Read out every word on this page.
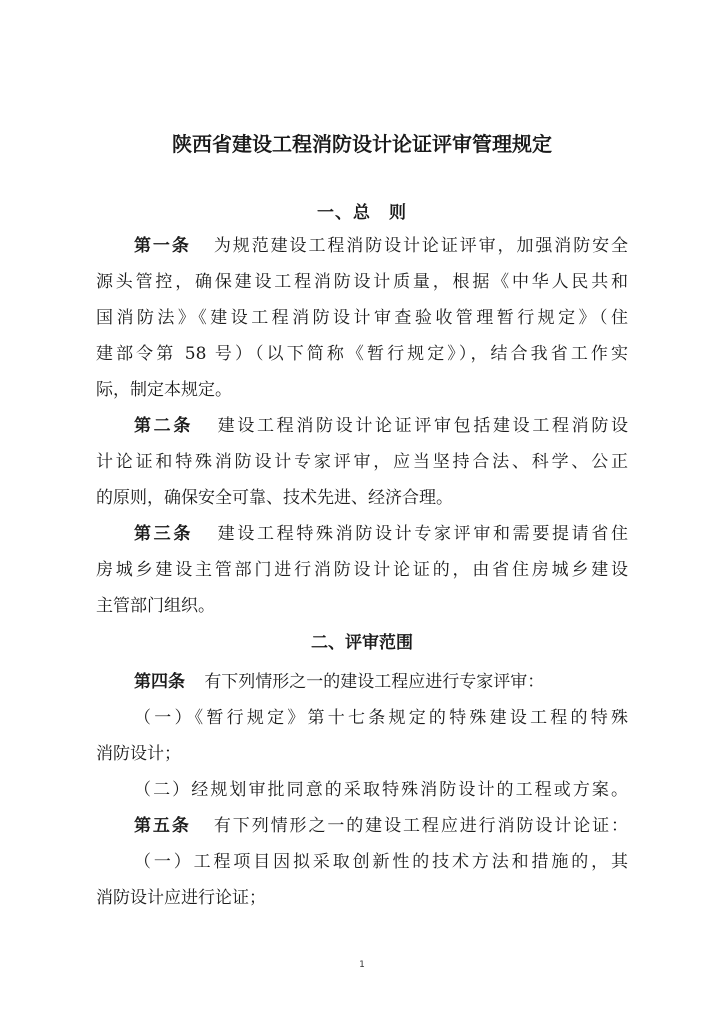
陕西省建设工程消防设计论证评审管理规定
一、总　则
第一条   为规范建设工程消防设计论证评审，加强消防安全
源头管控，确保建设工程消防设计质量，根据《中华人民共和
国消防法》《建设工程消防设计审查验收管理暂行规定》（住
建部令第 58 号）（以下简称《暂行规定》），结合我省工作实
际，制定本规定。
第二条   建设工程消防设计论证评审包括建设工程消防设
计论证和特殊消防设计专家评审，应当坚持合法、科学、公正
的原则，确保安全可靠、技术先进、经济合理。
第三条   建设工程特殊消防设计专家评审和需要提请省住
房城乡建设主管部门进行消防设计论证的，由省住房城乡建设
主管部门组织。
二、评审范围
第四条   有下列情形之一的建设工程应进行专家评审：
（一）《暂行规定》第十七条规定的特殊建设工程的特殊
消防设计；
（二）经规划审批同意的采取特殊消防设计的工程或方案。
第五条   有下列情形之一的建设工程应进行消防设计论证：
（一）工程项目因拟采取创新性的技术方法和措施的，其
消防设计应进行论证；
1
